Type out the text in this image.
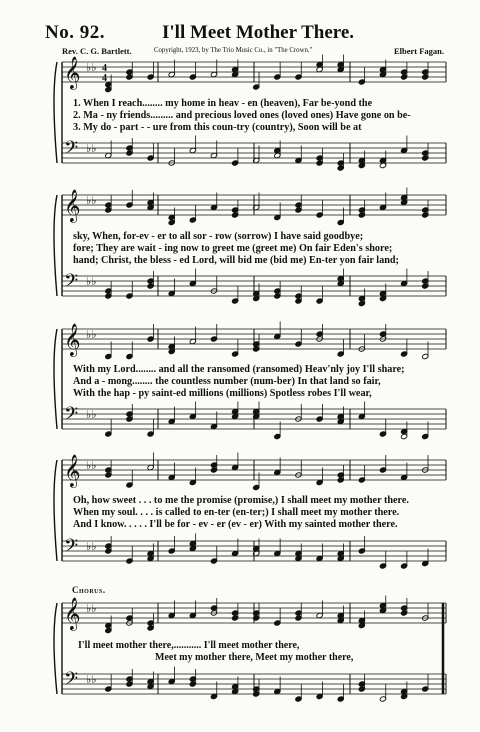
No. 92.	I'll Meet Mother There.
Rev. C. G. Bartlett.	Copyright, 1923, by The Trio Music Co., in "The Crown."	Elbert Fagan.
𝄞
𝄢
♭♭
♭♭
4
4
𝄞
𝄢
♭♭
♭♭
𝄞
𝄢
♭♭
♭♭
𝄞
𝄢
♭♭
♭♭
𝄞
𝄢
♭♭
♭♭
1. When I reach........ my home in heav - en (heaven), Far be-yond the
2. Ma - ny friends......... and precious loved ones (loved ones) Have gone on be-
3. My do - part - - ure from this coun-try (country), Soon will be at
sky, When, for-ev - er to all sor - row (sorrow) I have said goodbye;
fore; They are wait - ing now to greet me (greet me) On fair Eden's shore;
hand; Christ, the bless - ed Lord, will bid me (bid me) En-ter yon fair land;
With my Lord........ and all the ransomed (ransomed) Heav'nly joy I'll share;
And a - mong........ the countless number (num-ber) In that land so fair,
With the hap - py saint-ed millions (millions) Spotless robes I'll wear,
Oh, how sweet . . . to me the promise (promise,) I shall meet my mother there.
When my soul. . . . is called to en-ter (en-ter;) I shall meet my mother there.
And I know. . . . . I'll be for - ev - er (ev - er) With my sainted mother there.
Chorus.
I'll meet mother there,........... I'll meet mother there,
Meet my mother there, Meet my mother there,
